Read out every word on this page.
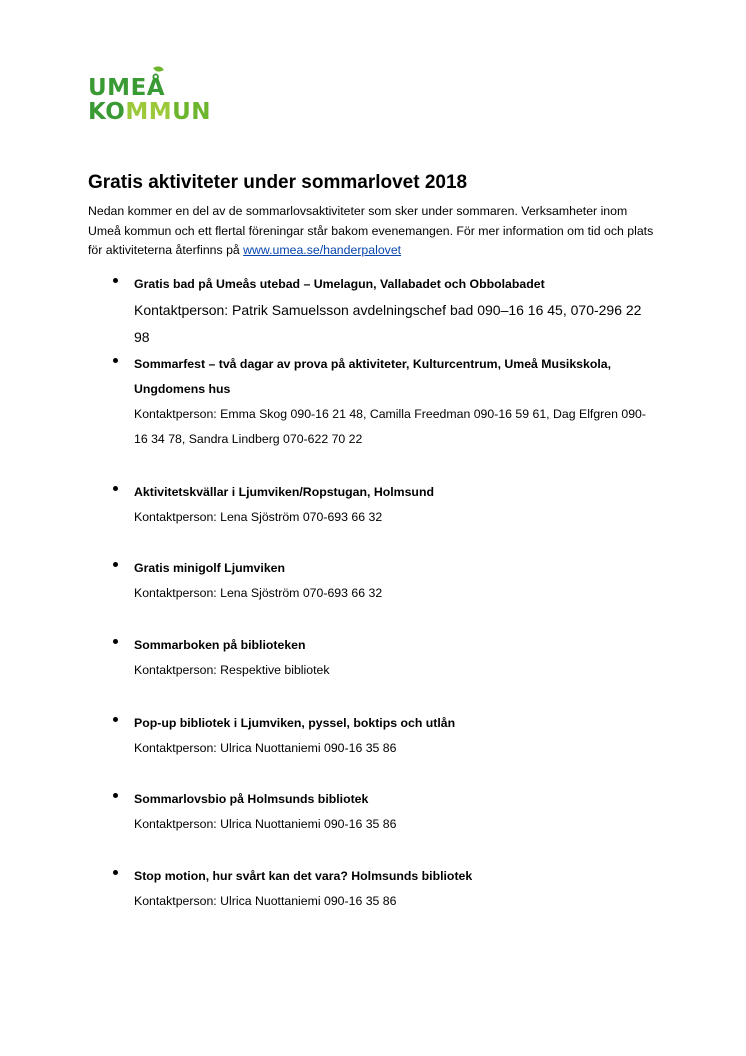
UMEÅ
KOMMUN
Gratis aktiviteter under sommarlovet 2018

Nedan kommer en del av de sommarlovsaktiviteter som sker under sommaren. Verksamheter inom Umeå kommun och ett flertal föreningar står bakom evenemangen. För mer information om tid och plats för aktiviteterna återfinns på www.umea.se/handerpalovet

Gratis bad på Umeås utebad – Umelagun, Vallabadet och Obbolabadet
Kontaktperson: Patrik Samuelsson avdelningschef bad 090–16 16 45, 070-296 22 98
Sommarfest – två dagar av prova på aktiviteter, Kulturcentrum, Umeå Musikskola, Ungdomens hus
Kontaktperson: Emma Skog 090-16 21 48, Camilla Freedman 090-16 59 61, Dag Elfgren 090-16 34 78, Sandra Lindberg 070-622 70 22
Aktivitetskvällar i Ljumviken/Ropstugan, Holmsund
Kontaktperson: Lena Sjöström 070-693 66 32
Gratis minigolf Ljumviken
Kontaktperson: Lena Sjöström 070-693 66 32
Sommarboken på biblioteken
Kontaktperson: Respektive bibliotek
Pop-up bibliotek i Ljumviken, pyssel, boktips och utlån
Kontaktperson: Ulrica Nuottaniemi 090-16 35 86
Sommarlovsbio på Holmsunds bibliotek
Kontaktperson: Ulrica Nuottaniemi 090-16 35 86
Stop motion, hur svårt kan det vara? Holmsunds bibliotek
Kontaktperson: Ulrica Nuottaniemi 090-16 35 86
